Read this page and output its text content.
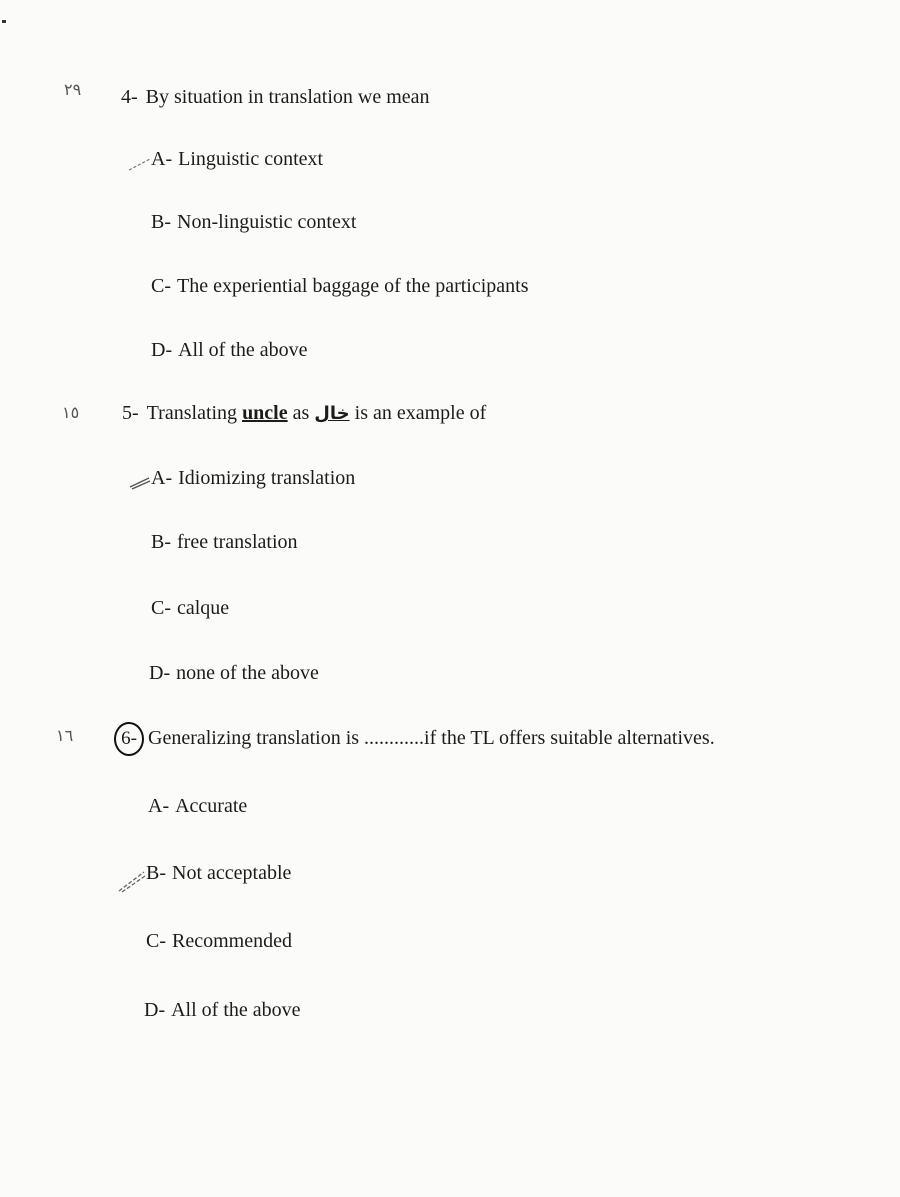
٢٩ 4- By situation in translation we mean
A- Linguistic context
B- Non-linguistic context
C- The experiential baggage of the participants
D- All of the above
١٥ 5- Translating uncle as خال is an example of
A- Idiomizing translation
B- free translation
C- calque
D- none of the above
١٦	6- Generalizing translation is ............if the TL offers suitable alternatives.
A- Accurate
B- Not acceptable
C- Recommended
D- All of the above
